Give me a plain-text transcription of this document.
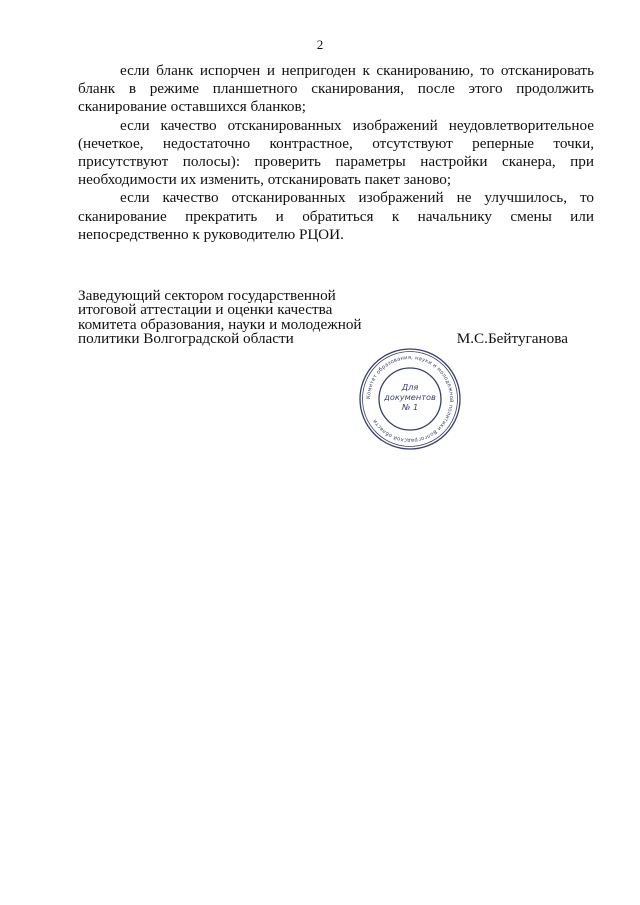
2

если бланк испорчен и непригоден к сканированию, то отсканировать бланк в режиме планшетного сканирования, после этого продолжить сканирование оставшихся бланков;

если качество отсканированных изображений неудовлетворительное (нечеткое, недостаточно контрастное, отсутствуют реперные точки, присутствуют полосы): проверить параметры настройки сканера, при необходимости их изменить, отсканировать пакет заново;

если качество отсканированных изображений не улучшилось, то сканирование прекратить и обратиться к начальнику смены или непосредственно к руководителю РЦОИ.

Заведующий сектором государственной
итоговой аттестации и оценки качества
комитета образования, науки и молодежной
политики Волгоградской области	М.С.Бейтуганова
Комитет образования, науки и молодежной политики Волгоградской области
Для
документов
№ 1
